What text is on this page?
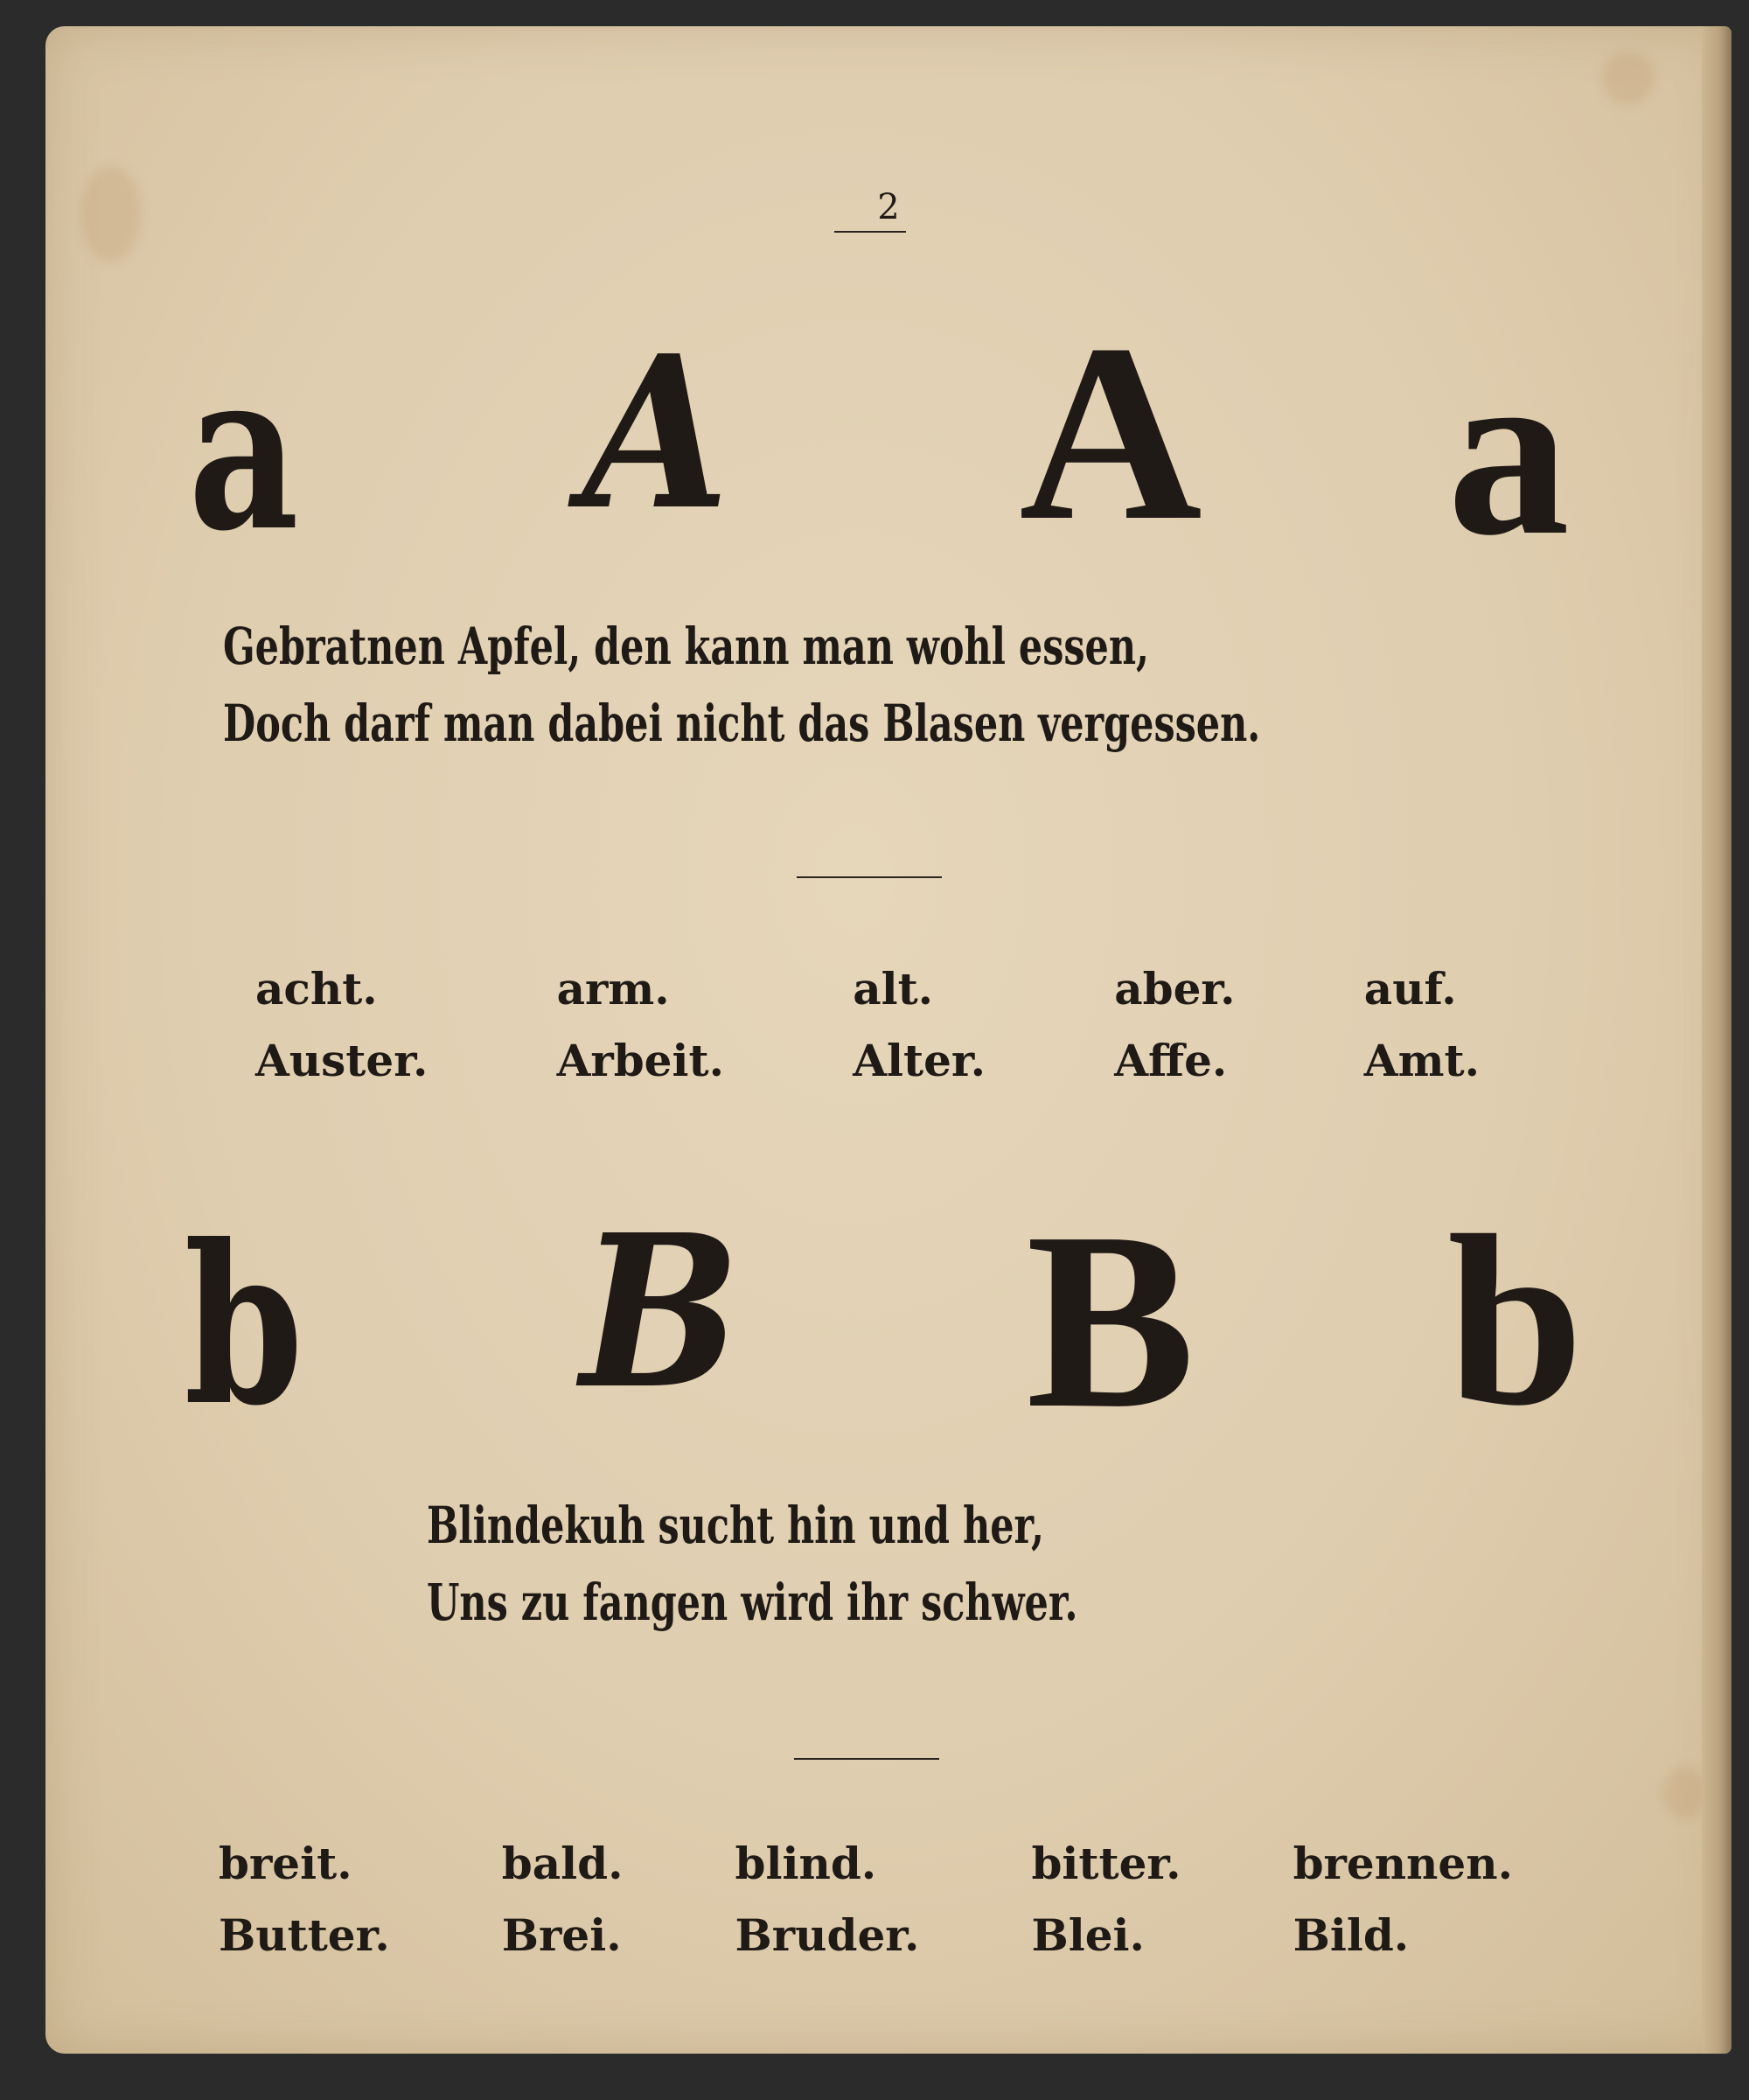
2
a A A a
Gebratnen Apfel, den kann man wohl essen,
Doch darf man dabei nicht das Blasen vergessen.
acht.
Auster.
arm.
Arbeit.
alt.
Alter.
aber.
Affe.
auf.
Amt.
b B B b
Blindekuh sucht hin und her,
Uns zu fangen wird ihr schwer.
breit.
Butter.
bald.
Brei.
blind.
Bruder.
bitter.
Blei.
brennen.
Bild.
